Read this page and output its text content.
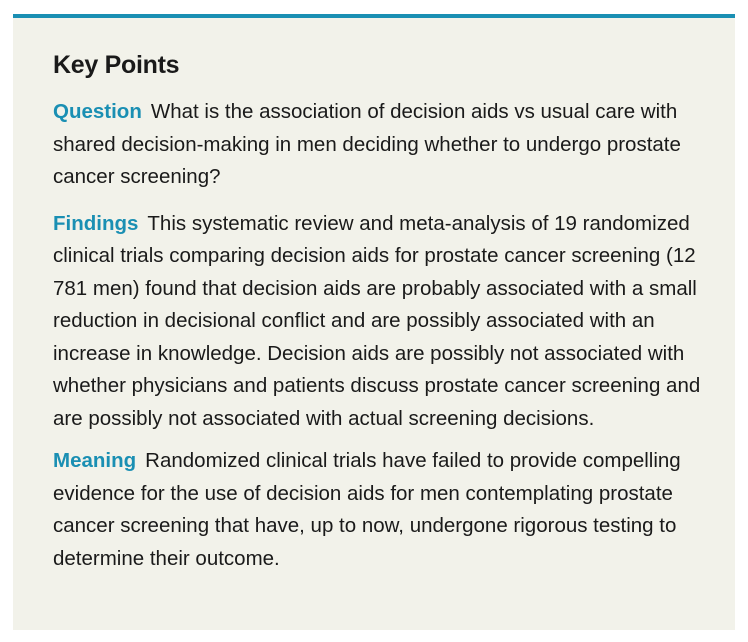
Key Points

Question What is the association of decision aids vs usual care with shared decision-making in men deciding whether to undergo prostate cancer screening?

Findings This systematic review and meta-analysis of 19 randomized clinical trials comparing decision aids for prostate cancer screening (12 781 men) found that decision aids are probably associated with a small reduction in decisional conflict and are possibly associated with an increase in knowledge. Decision aids are possibly not associated with whether physicians and patients discuss prostate cancer screening and are possibly not associated with actual screening decisions.

Meaning Randomized clinical trials have failed to provide compelling evidence for the use of decision aids for men contemplating prostate cancer screening that have, up to now, undergone rigorous testing to determine their outcome.
